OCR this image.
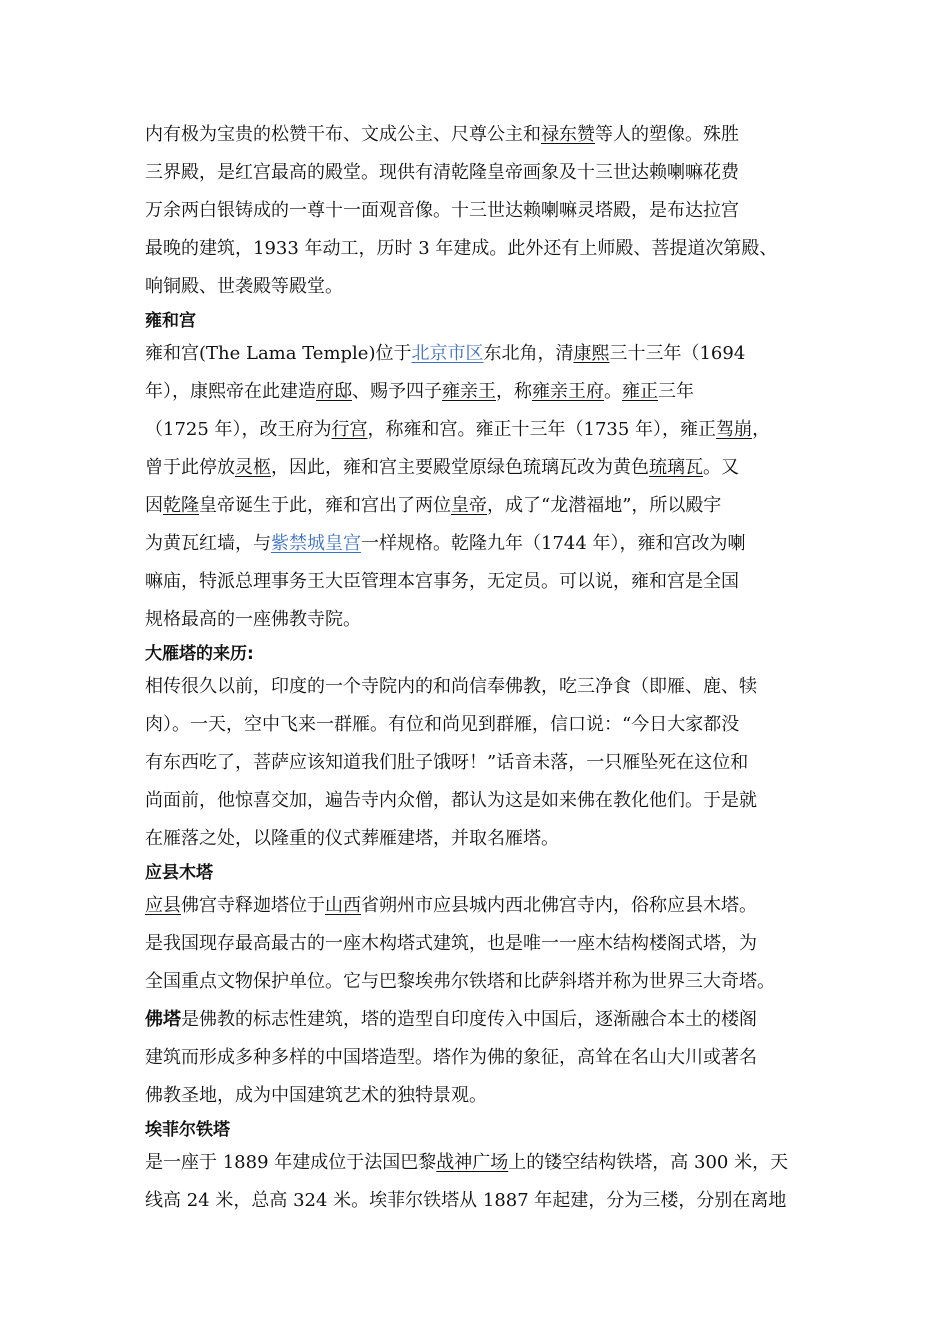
内有极为宝贵的松赞干布、文成公主、尺尊公主和禄东赞等人的塑像。殊胜
三界殿，是红宫最高的殿堂。现供有清乾隆皇帝画象及十三世达赖喇嘛花费
万余两白银铸成的一尊十一面观音像。十三世达赖喇嘛灵塔殿，是布达拉宫
最晚的建筑，1933 年动工，历时 3 年建成。此外还有上师殿、菩提道次第殿、
响铜殿、世袭殿等殿堂。
雍和宫
雍和宫(The Lama Temple)位于北京市区东北角，清康熙三十三年（1694
年），康熙帝在此建造府邸、赐予四子雍亲王，称雍亲王府。雍正三年
（1725 年），改王府为行宫，称雍和宫。雍正十三年（1735 年），雍正驾崩，
曾于此停放灵柩，因此，雍和宫主要殿堂原绿色琉璃瓦改为黄色琉璃瓦。又
因乾隆皇帝诞生于此，雍和宫出了两位皇帝，成了“龙潜福地”，所以殿宇
为黄瓦红墙，与紫禁城皇宫一样规格。乾隆九年（1744 年），雍和宫改为喇
嘛庙，特派总理事务王大臣管理本宫事务，无定员。可以说，雍和宫是全国
规格最高的一座佛教寺院。
大雁塔的来历:
相传很久以前，印度的一个寺院内的和尚信奉佛教，吃三净食（即雁、鹿、犊
肉）。一天，空中飞来一群雁。有位和尚见到群雁，信口说：“今日大家都没
有东西吃了，菩萨应该知道我们肚子饿呀！”话音未落，一只雁坠死在这位和
尚面前，他惊喜交加，遍告寺内众僧，都认为这是如来佛在教化他们。于是就
在雁落之处，以隆重的仪式葬雁建塔，并取名雁塔。
应县木塔
应县佛宫寺释迦塔位于山西省朔州市应县城内西北佛宫寺内，俗称应县木塔。
是我国现存最高最古的一座木构塔式建筑，也是唯一一座木结构楼阁式塔，为
全国重点文物保护单位。它与巴黎埃弗尔铁塔和比萨斜塔并称为世界三大奇塔。
佛塔是佛教的标志性建筑，塔的造型自印度传入中国后，逐渐融合本土的楼阁
建筑而形成多种多样的中国塔造型。塔作为佛的象征，高耸在名山大川或著名
佛教圣地，成为中国建筑艺术的独特景观。
埃菲尔铁塔
是一座于 1889 年建成位于法国巴黎战神广场上的镂空结构铁塔，高 300 米，天
线高 24 米，总高 324 米。埃菲尔铁塔从 1887 年起建，分为三楼，分别在离地
